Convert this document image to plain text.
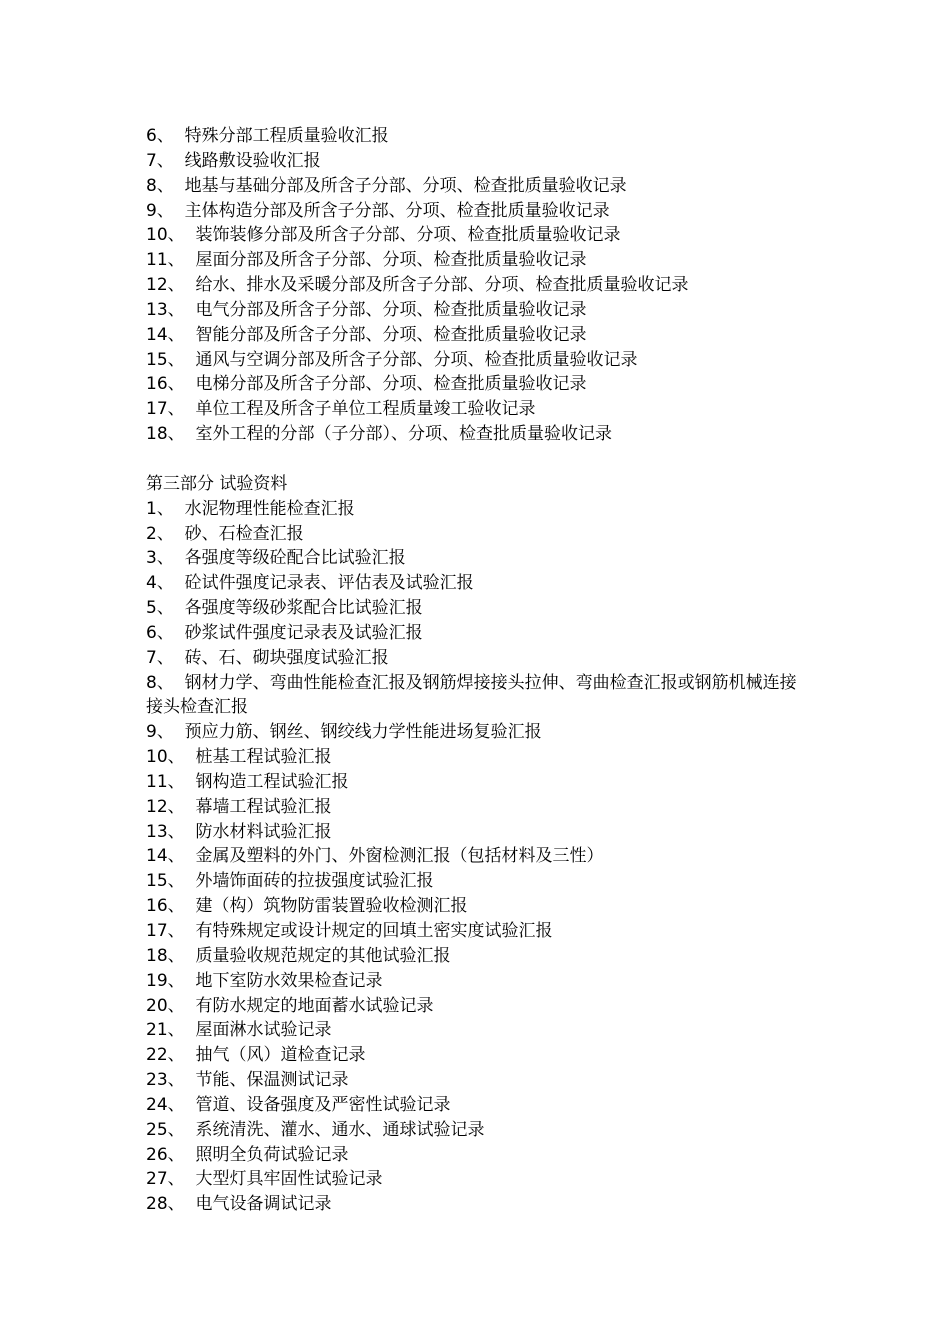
6、 特殊分部工程质量验收汇报
7、 线路敷设验收汇报
8、 地基与基础分部及所含子分部、分项、检查批质量验收记录
9、 主体构造分部及所含子分部、分项、检查批质量验收记录
10、 装饰装修分部及所含子分部、分项、检查批质量验收记录
11、 屋面分部及所含子分部、分项、检查批质量验收记录
12、 给水、排水及采暖分部及所含子分部、分项、检查批质量验收记录
13、 电气分部及所含子分部、分项、检查批质量验收记录
14、 智能分部及所含子分部、分项、检查批质量验收记录
15、 通风与空调分部及所含子分部、分项、检查批质量验收记录
16、 电梯分部及所含子分部、分项、检查批质量验收记录
17、 单位工程及所含子单位工程质量竣工验收记录
18、 室外工程的分部（子分部）、分项、检查批质量验收记录
第三部分 试验资料
1、 水泥物理性能检查汇报
2、 砂、石检查汇报
3、 各强度等级砼配合比试验汇报
4、 砼试件强度记录表、评估表及试验汇报
5、 各强度等级砂浆配合比试验汇报
6、 砂浆试件强度记录表及试验汇报
7、 砖、石、砌块强度试验汇报
8、 钢材力学、弯曲性能检查汇报及钢筋焊接接头拉伸、弯曲检查汇报或钢筋机械连接接头检查汇报
9、 预应力筋、钢丝、钢绞线力学性能进场复验汇报
10、 桩基工程试验汇报
11、 钢构造工程试验汇报
12、 幕墙工程试验汇报
13、 防水材料试验汇报
14、 金属及塑料的外门、外窗检测汇报（包括材料及三性）
15、 外墙饰面砖的拉拔强度试验汇报
16、 建（构）筑物防雷装置验收检测汇报
17、 有特殊规定或设计规定的回填土密实度试验汇报
18、 质量验收规范规定的其他试验汇报
19、 地下室防水效果检查记录
20、 有防水规定的地面蓄水试验记录
21、 屋面淋水试验记录
22、 抽气（风）道检查记录
23、 节能、保温测试记录
24、 管道、设备强度及严密性试验记录
25、 系统清洗、灌水、通水、通球试验记录
26、 照明全负荷试验记录
27、 大型灯具牢固性试验记录
28、 电气设备调试记录
